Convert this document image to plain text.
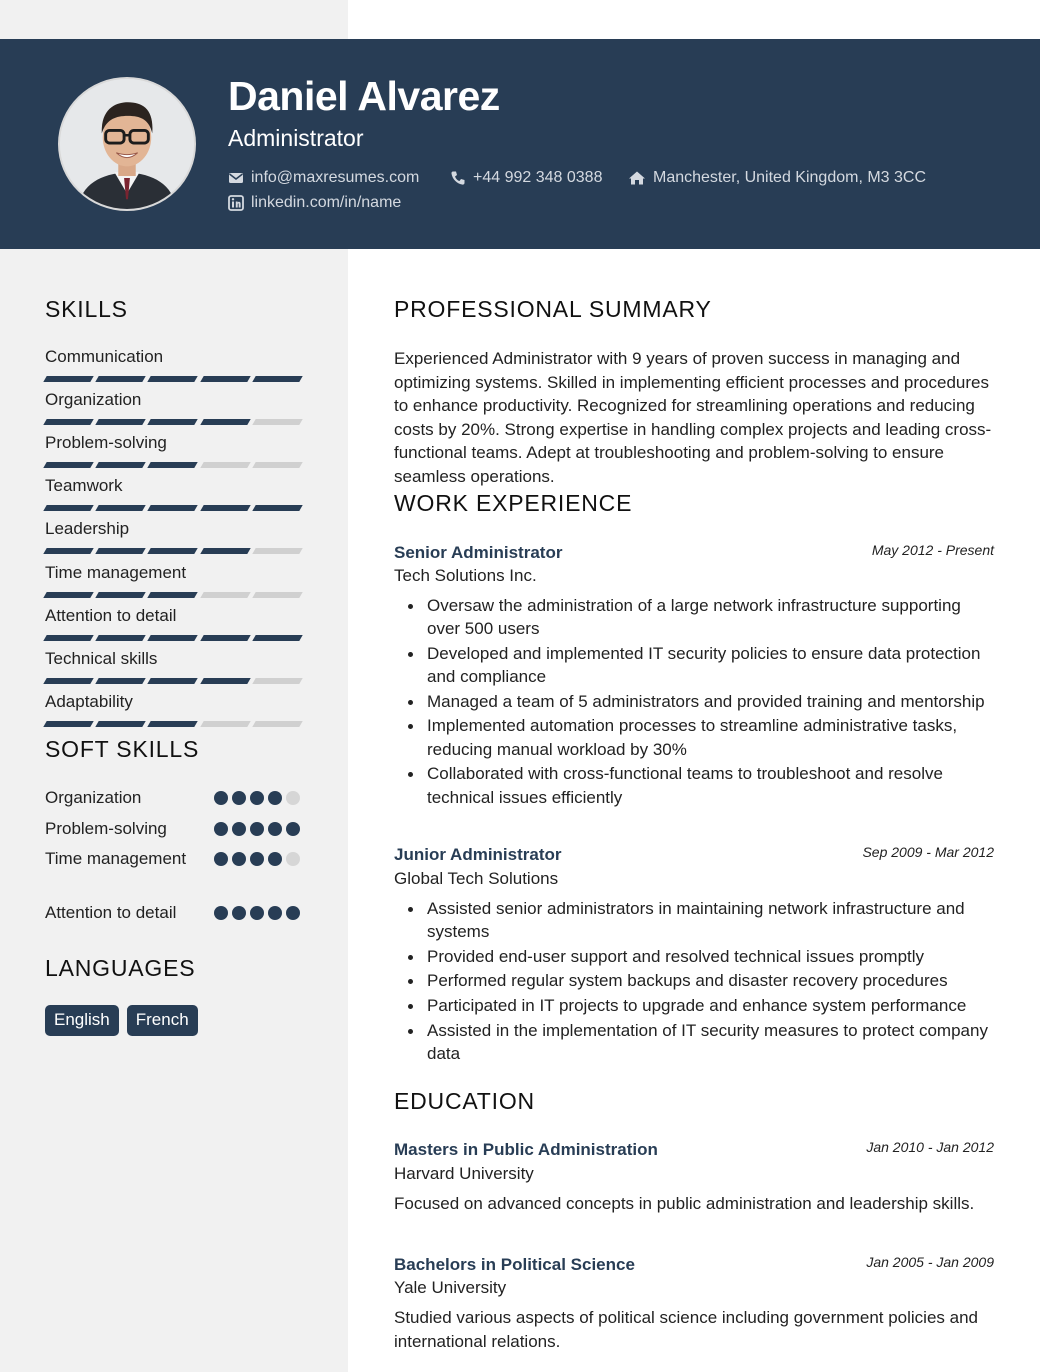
Daniel Alvarez
Administrator
info@maxresumes.com	+44 992 348 0388	Manchester, United Kingdom, M3 3CC
linkedin.com/in/name
SKILLS
Communication
Organization
Problem-solving
Teamwork
Leadership
Time management
Attention to detail
Technical skills
Adaptability
SOFT SKILLS
Organization
Problem-solving
Time management
Attention to detail
LANGUAGES
English	French
PROFESSIONAL SUMMARY
Experienced Administrator with 9 years of proven success in managing and optimizing systems. Skilled in implementing efficient processes and procedures to enhance productivity. Recognized for streamlining operations and reducing costs by 20%. Strong expertise in handling complex projects and leading cross-functional teams. Adept at troubleshooting and problem-solving to ensure seamless operations.
WORK EXPERIENCE
Senior Administrator	May 2012 - Present
Tech Solutions Inc.
Oversaw the administration of a large network infrastructure supporting over 500 users
Developed and implemented IT security policies to ensure data protection and compliance
Managed a team of 5 administrators and provided training and mentorship
Implemented automation processes to streamline administrative tasks, reducing manual workload by 30%
Collaborated with cross-functional teams to troubleshoot and resolve technical issues efficiently
Junior Administrator	Sep 2009 - Mar 2012
Global Tech Solutions
Assisted senior administrators in maintaining network infrastructure and systems
Provided end-user support and resolved technical issues promptly
Performed regular system backups and disaster recovery procedures
Participated in IT projects to upgrade and enhance system performance
Assisted in the implementation of IT security measures to protect company data
EDUCATION
Masters in Public Administration	Jan 2010 - Jan 2012
Harvard University
Focused on advanced concepts in public administration and leadership skills.
Bachelors in Political Science	Jan 2005 - Jan 2009
Yale University
Studied various aspects of political science including government policies and international relations.
